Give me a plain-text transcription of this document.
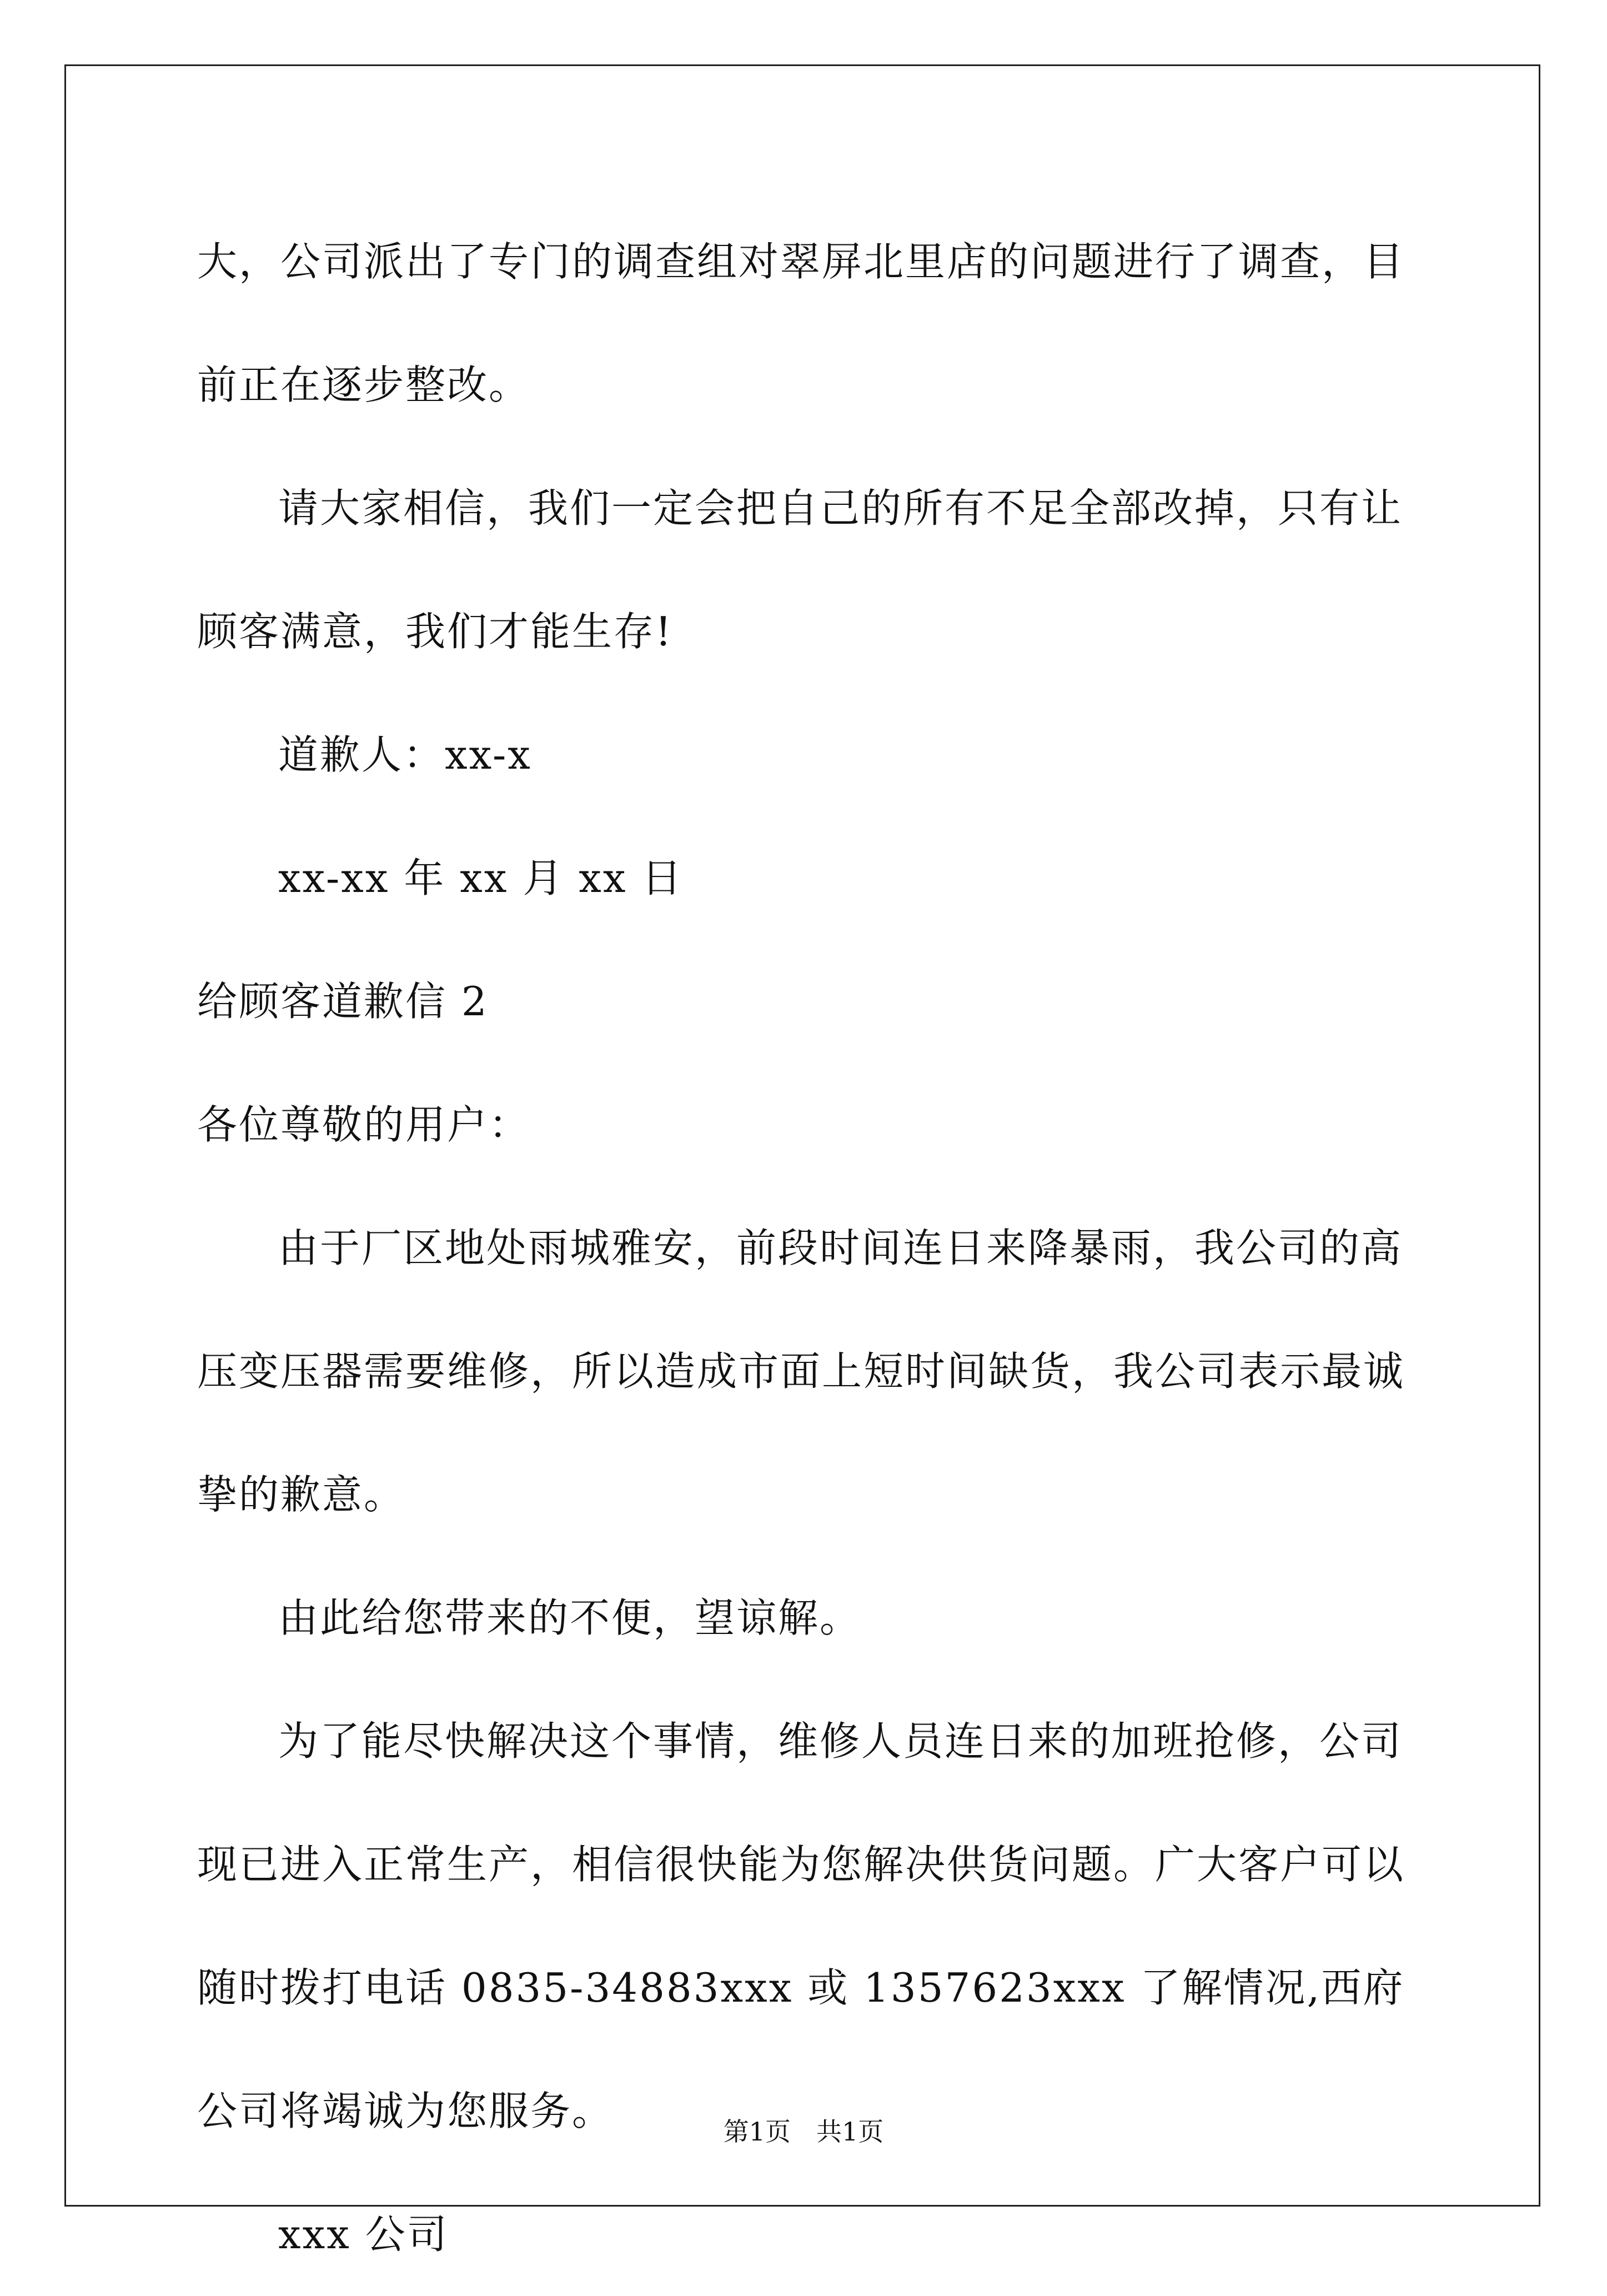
大，公司派出了专门的调查组对翠屏北里店的问题进行了调查，目前正在逐步整改。

请大家相信，我们一定会把自己的所有不足全部改掉，只有让顾客满意，我们才能生存!

道歉人：xx-x

xx-xx 年 xx 月 xx 日

给顾客道歉信 2

各位尊敬的用户：

由于厂区地处雨城雅安，前段时间连日来降暴雨，我公司的高压变压器需要维修，所以造成市面上短时间缺货，我公司表示最诚挚的歉意。

由此给您带来的不便，望谅解。

为了能尽快解决这个事情，维修人员连日来的加班抢修，公司现已进入正常生产，相信很快能为您解决供货问题。广大客户可以随时拨打电话 0835-34883xxx 或 1357623xxx 了解情况,西府公司将竭诚为您服务。

xxx 公司

第1页 共1页
